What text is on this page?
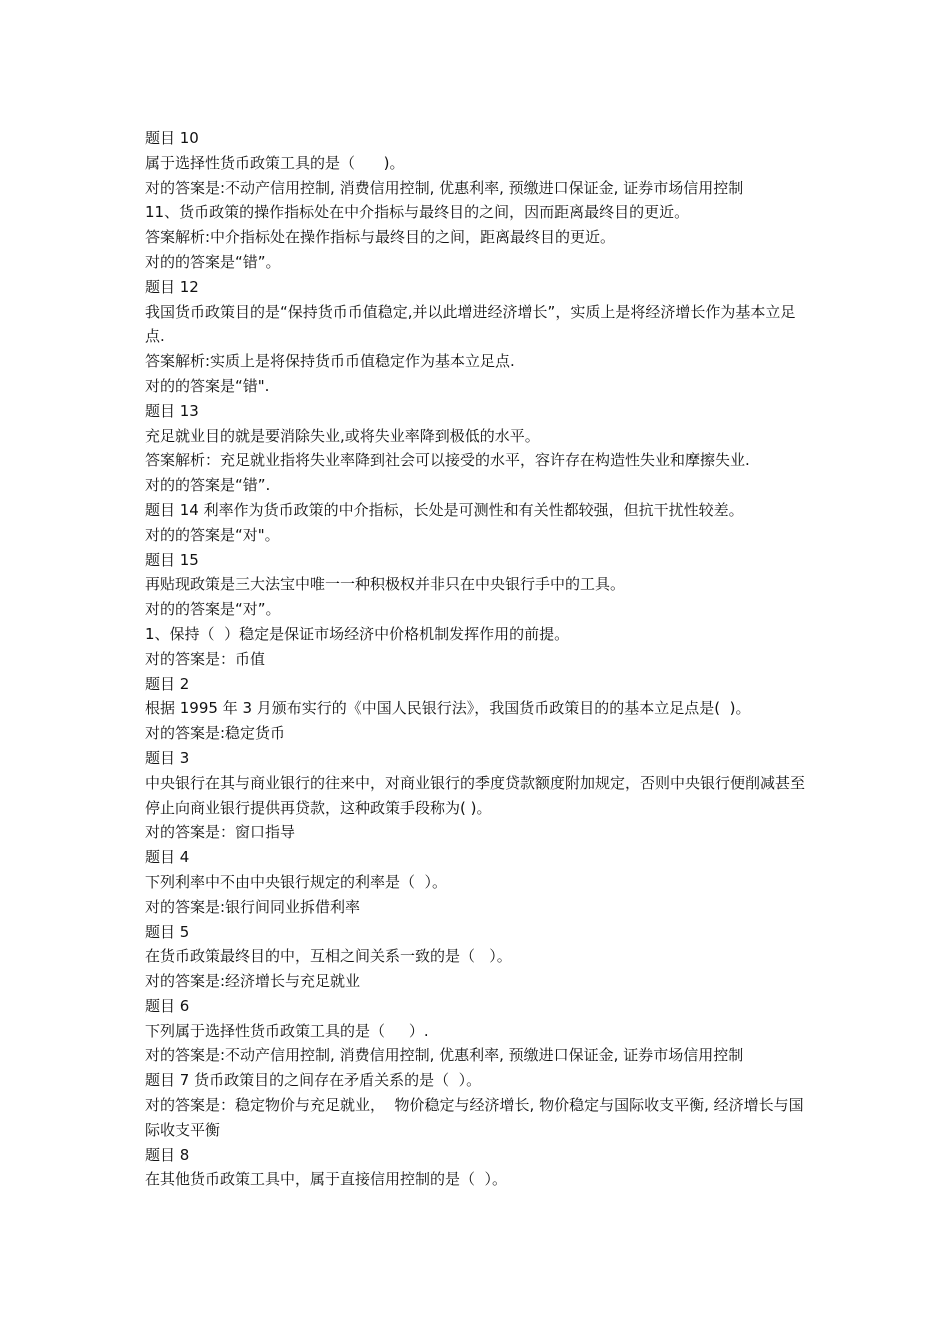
题目 10

属于选择性货币政策工具的是（      )。

对的答案是:不动产信用控制, 消费信用控制, 优惠利率, 预缴进口保证金, 证券市场信用控制

11、货币政策的操作指标处在中介指标与最终目的之间，因而距离最终目的更近。

答案解析:中介指标处在操作指标与最终目的之间，距离最终目的更近。

对的的答案是“错”。

题目 12

我国货币政策目的是“保持货币币值稳定,并以此增进经济增长”，实质上是将经济增长作为基本立足点.

答案解析:实质上是将保持货币币值稳定作为基本立足点.

对的的答案是“错".

题目 13

充足就业目的就是要消除失业,或将失业率降到极低的水平。

答案解析：充足就业指将失业率降到社会可以接受的水平，容许存在构造性失业和摩擦失业.

对的的答案是“错”.

题目 14 利率作为货币政策的中介指标，长处是可测性和有关性都较强，但抗干扰性较差。

对的的答案是“对"。

题目 15

再贴现政策是三大法宝中唯一一种积极权并非只在中央银行手中的工具。

对的的答案是“对”。

1、保持（  ）稳定是保证市场经济中价格机制发挥作用的前提。

对的答案是：币值

题目 2

根据 1995 年 3 月颁布实行的《中国人民银行法》，我国货币政策目的的基本立足点是(  )。

对的答案是:稳定货币

题目 3

中央银行在其与商业银行的往来中，对商业银行的季度贷款额度附加规定，否则中央银行便削减甚至停止向商业银行提供再贷款，这种政策手段称为( )。

对的答案是：窗口指导

题目 4

下列利率中不由中央银行规定的利率是（  ）。

对的答案是:银行间同业拆借利率

题目 5

在货币政策最终目的中，互相之间关系一致的是（   ）。

对的答案是:经济增长与充足就业

题目 6

下列属于选择性货币政策工具的是（     ）.

对的答案是:不动产信用控制, 消费信用控制, 优惠利率, 预缴进口保证金, 证券市场信用控制

题目 7 货币政策目的之间存在矛盾关系的是（  ）。

对的答案是：稳定物价与充足就业，  物价稳定与经济增长, 物价稳定与国际收支平衡, 经济增长与国际收支平衡

题目 8

在其他货币政策工具中，属于直接信用控制的是（  ）。
